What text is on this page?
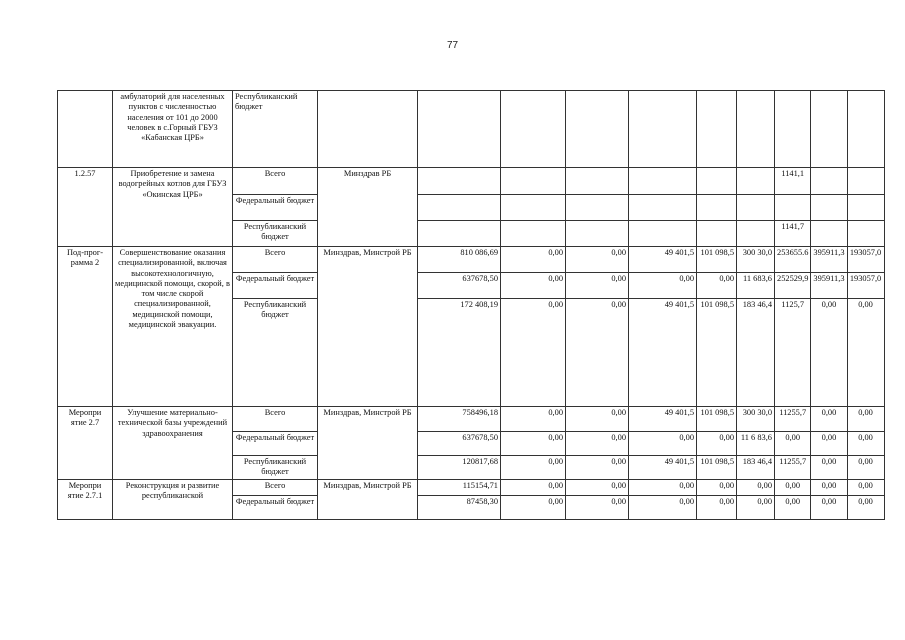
77
	амбулаторий для населенных пунктов с численностью населения от 101 до 2000 человек в с.Горный ГБУЗ «Кабанская ЦРБ»	Республиканский бюджет										
1.2.57	Приобретение и замена водогрейных котлов для ГБУЗ «Окинская ЦРБ»	Всего	Минздрав РБ							1141,1		
		Федеральный бюджет										
		Республиканский бюджет								1141,7		
Под-прог-рамма 2	Совершенствование оказания специализированной, включая высокотехнологичную, медицинской помощи, скорой, в том числе скорой специализированной, медицинской помощи, медицинской эвакуации.	Всего	Минздрав, Минстрой РБ	810 086,69	0,00	0,00	49 401,5	101 098,5	300 30,0	253655.6	395911,3	193057,0
		Федеральный бюджет		637678,50	0,00	0,00	0,00	0,00	11 683,6	252529,9	395911,3	193057,0
		Республиканский бюджет		172 408,19	0,00	0,00	49 401,5	101 098,5	183 46,4	1125,7	0,00	0,00
Меропри ятие 2.7	Улучшение материально-технической базы учреждений здравоохранения	Всего	Минздрав, Минстрой РБ	758496,18	0,00	0,00	49 401,5	101 098,5	300 30,0	11255,7	0,00	0,00
		Федеральный бюджет		637678,50	0,00	0,00	0,00	0,00	11 6 83,6	0,00	0,00	0,00
		Республиканский бюджет		120817,68	0,00	0,00	49 401,5	101 098,5	183 46,4	11255,7	0,00	0,00
Меропри ятие 2.7.1	Реконструкция и развитие республиканской	Всего	Минздрав, Минстрой РБ	115154,71	0,00	0,00	0,00	0,00	0,00	0,00	0,00	0,00
		Федеральный бюджет		87458,30	0,00	0,00	0,00	0,00	0,00	0,00	0,00	0,00
